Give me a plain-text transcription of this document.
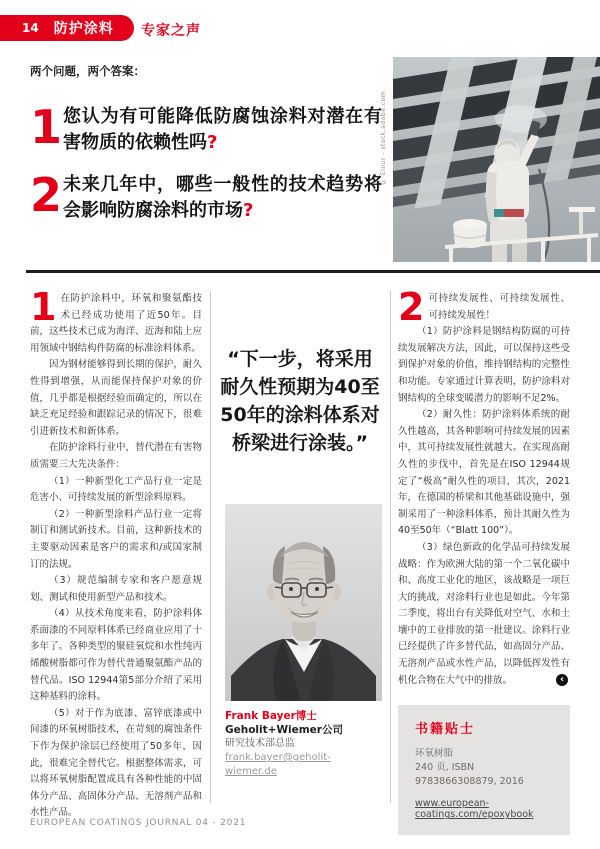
14 防护涂料 专家之声
两个问题，两个答案：
1 您认为有可能降低防腐蚀涂料对潜在有害物质的依赖性吗?
2 未来几年中，哪些一般性的技术趋势将会影响防腐涂料的市场?
© Elnur - stock.adobe.com
1 在防护涂料中，环氧和聚氨酯技术已经成功使用了近50年。目前，这些技术已成为海洋、近海和陆上应用领域中钢结构件防腐的标准涂料体系。

因为钢材能够得到长期的保护，耐久性得到增强，从而能保持保护对象的价值，几乎都是根据经验而确定的，所以在缺乏充足经验和跟踪记录的情况下，很难引进新技术和新体系。

在防护涂料行业中，替代潜在有害物质需要三大先决条件：

（1）一种新型化工产品行业一定是危害小、可持续发展的新型涂料原料。

（2）一种新型涂料产品行业一定将制订和测试新技术。目前，这种新技术的主要驱动因素是客户的需求和/或国家制订的法规。

（3）规范编制专家和客户愿意规划、测试和使用新型产品和技术。

（4）从技术角度来看，防护涂料体系面漆的不同原料体系已经商业应用了十多年了。各种类型的聚硅氧烷和水性纯丙烯酸树脂都可作为替代普通聚氨酯产品的替代品。ISO 12944第5部分介绍了采用这种基料的涂料。

（5）对于作为底漆、富锌底漆或中间漆的环氧树脂技术，在苛刻的腐蚀条件下作为保护涂层已经使用了50多年，因此，很难完全替代它。根据整体需求，可以将环氧树脂配置成具有各种性能的中固体分产品、高固体分产品、无溶剂产品和水性产品。

“下一步，将采用耐久性预期为40至50年的涂料体系对桥梁进行涂装。”
Frank Bayer博士
Geholit+Wiemer公司
研究技术部总监
frank.bayer@geholit-wiemer.de
2 可持续发展性、可持续发展性、可持续发展性！

（1）防护涂料是钢结构防腐的可持续发展解决方法，因此，可以保持这些受到保护对象的价值，维持钢结构的完整性和功能。专家通过计算表明，防护涂料对钢结构的全球变暖潜力的影响不足2%。

（2）耐久性：防护涂料体系统的耐久性越高，其各种影响可持续发展的因素中，其可持续发展性就越大。在实现高耐久性的步伐中，首先是在ISO 12944规定了“极高”耐久性的项目，其次，2021年，在德国的桥梁和其他基础设施中，强制采用了一种涂料体系，预计其耐久性为40至50年（“Blatt 100”）。

（3）绿色新政的化学品可持续发展战略：作为欧洲大陆的第一个二氧化碳中和、高度工业化的地区，该战略是一项巨大的挑战，对涂料行业也是如此。今年第二季度，将出台有关降低对空气、水和土壤中的工业排放的第一批建议。涂料行业已经提供了许多替代品，如高固分产品、无溶剂产品或水性产品，以降低挥发性有机化合物在大气中的排放。	‹

书籍贴士
环氧树脂
240 页, ISBN 9783866308879, 2016
www.european-coatings.com/epoxybook
EUROPEAN COATINGS JOURNAL 04 - 2021
